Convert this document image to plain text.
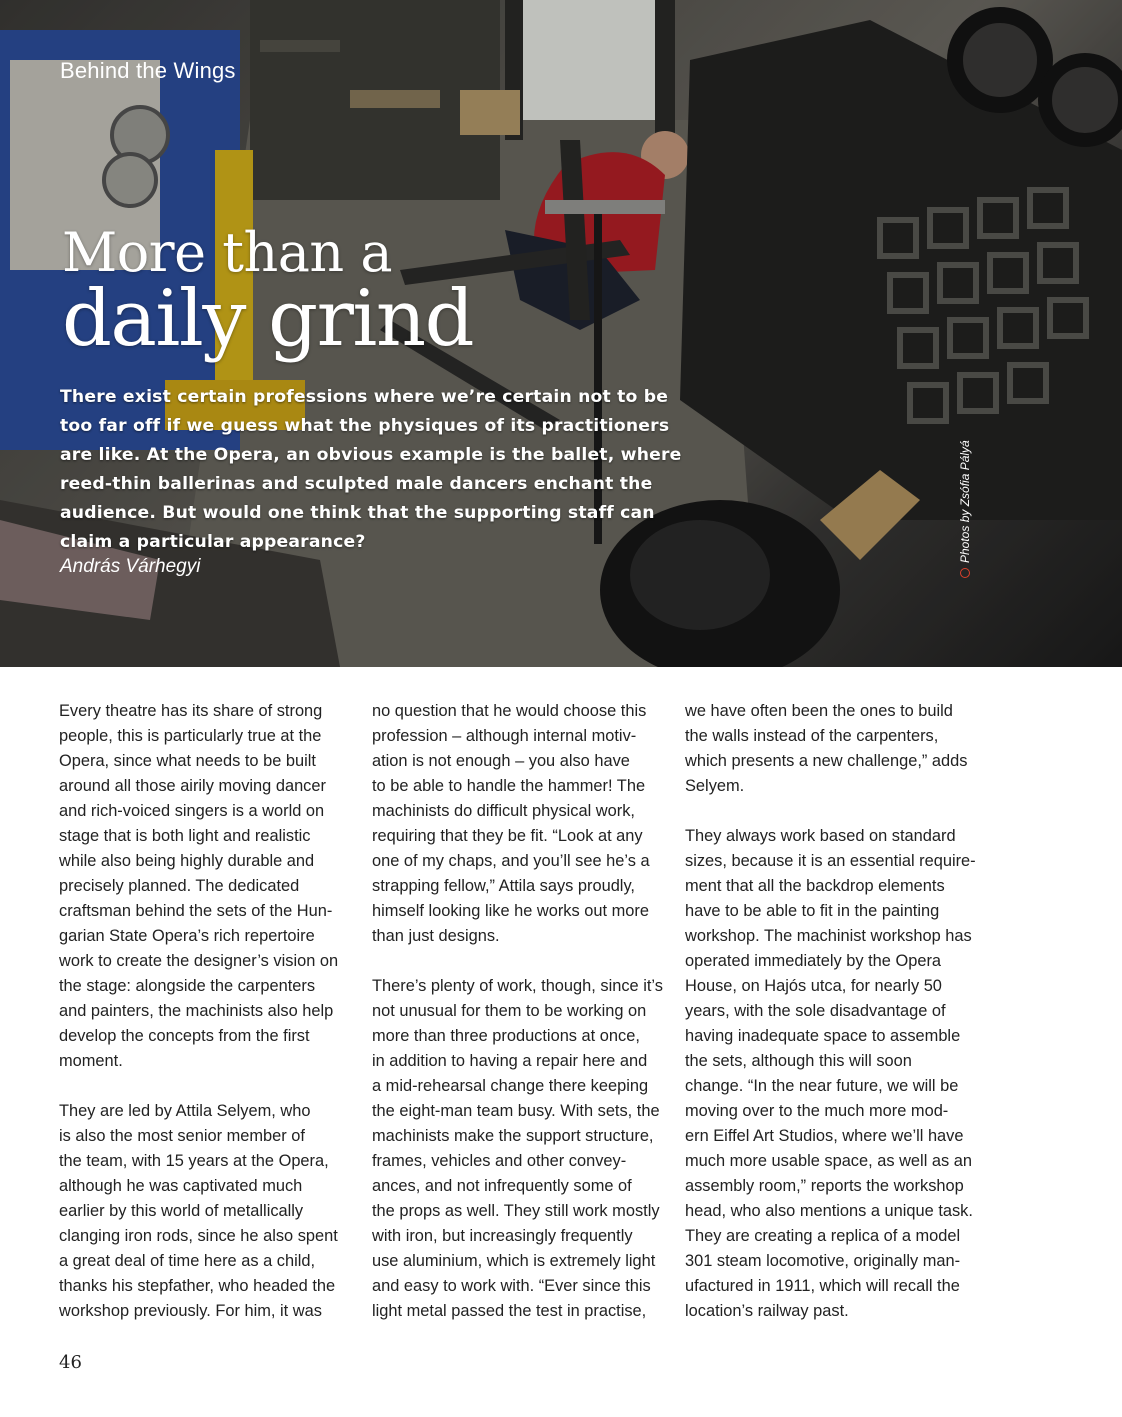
Behind the Wings
More than a
daily grind
There exist certain professions where we’re certain not to be
too far off if we guess what the physiques of its practitioners
are like. At the Opera, an obvious example is the ballet, where
reed-thin ballerinas and sculpted male dancers enchant the
audience. But would one think that the supporting staff can
claim a particular appearance?
András Várhegyi
Photos by Zsófia Pályá

Every theatre has its share of strong
people, this is particularly true at the
Opera, since what needs to be built
around all those airily moving dancer
and rich-voiced singers is a world on
stage that is both light and realistic
while also being highly durable and
precisely planned. The dedicated
craftsman behind the sets of the Hun-
garian State Opera’s rich repertoire
work to create the designer’s vision on
the stage: alongside the carpenters
and painters, the machinists also help
develop the concepts from the first
moment.

They are led by Attila Selyem, who
is also the most senior member of
the team, with 15 years at the Opera,
although he was captivated much
earlier by this world of metallically
clanging iron rods, since he also spent
a great deal of time here as a child,
thanks his stepfather, who headed the
workshop previously. For him, it was

no question that he would choose this
profession – although internal motiv-
ation is not enough – you also have
to be able to handle the hammer! The
machinists do difficult physical work,
requiring that they be fit. “Look at any
one of my chaps, and you’ll see he’s a
strapping fellow,” Attila says proudly,
himself looking like he works out more
than just designs.

There’s plenty of work, though, since it’s
not unusual for them to be working on
more than three productions at once,
in addition to having a repair here and
a mid-rehearsal change there keeping
the eight-man team busy. With sets, the
machinists make the support structure,
frames, vehicles and other convey-
ances, and not infrequently some of
the props as well. They still work mostly
with iron, but increasingly frequently
use aluminium, which is extremely light
and easy to work with. “Ever since this
light metal passed the test in practise,

we have often been the ones to build
the walls instead of the carpenters,
which presents a new challenge,” adds
Selyem.

They always work based on standard
sizes, because it is an essential require-
ment that all the backdrop elements
have to be able to fit in the painting
workshop. The machinist workshop has
operated immediately by the Opera
House, on Hajós utca, for nearly 50
years, with the sole disadvantage of
having inadequate space to assemble
the sets, although this will soon
change. “In the near future, we will be
moving over to the much more mod-
ern Eiffel Art Studios, where we’ll have
much more usable space, as well as an
assembly room,” reports the workshop
head, who also mentions a unique task.
They are creating a replica of a model
301 steam locomotive, originally man-
ufactured in 1911, which will recall the
location’s railway past.

46
